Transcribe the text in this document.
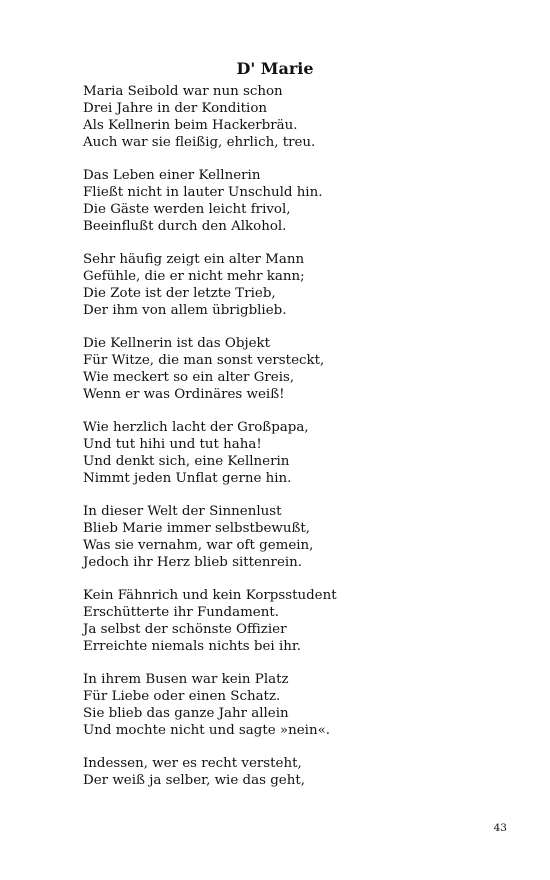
D' Marie
Maria Seibold war nun schon
Drei Jahre in der Kondition
Als Kellnerin beim Hackerbräu.
Auch war sie fleißig, ehrlich, treu.
Das Leben einer Kellnerin
Fließt nicht in lauter Unschuld hin.
Die Gäste werden leicht frivol,
Beeinflußt durch den Alkohol.
Sehr häufig zeigt ein alter Mann
Gefühle, die er nicht mehr kann;
Die Zote ist der letzte Trieb,
Der ihm von allem übrigblieb.
Die Kellnerin ist das Objekt
Für Witze, die man sonst versteckt,
Wie meckert so ein alter Greis,
Wenn er was Ordinäres weiß!
Wie herzlich lacht der Großpapa,
Und tut hihi und tut haha!
Und denkt sich, eine Kellnerin
Nimmt jeden Unflat gerne hin.
In dieser Welt der Sinnenlust
Blieb Marie immer selbstbewußt,
Was sie vernahm, war oft gemein,
Jedoch ihr Herz blieb sittenrein.
Kein Fähnrich und kein Korpsstudent
Erschütterte ihr Fundament.
Ja selbst der schönste Offizier
Erreichte niemals nichts bei ihr.
In ihrem Busen war kein Platz
Für Liebe oder einen Schatz.
Sie blieb das ganze Jahr allein
Und mochte nicht und sagte »nein«.
Indessen, wer es recht versteht,
Der weiß ja selber, wie das geht,
43
